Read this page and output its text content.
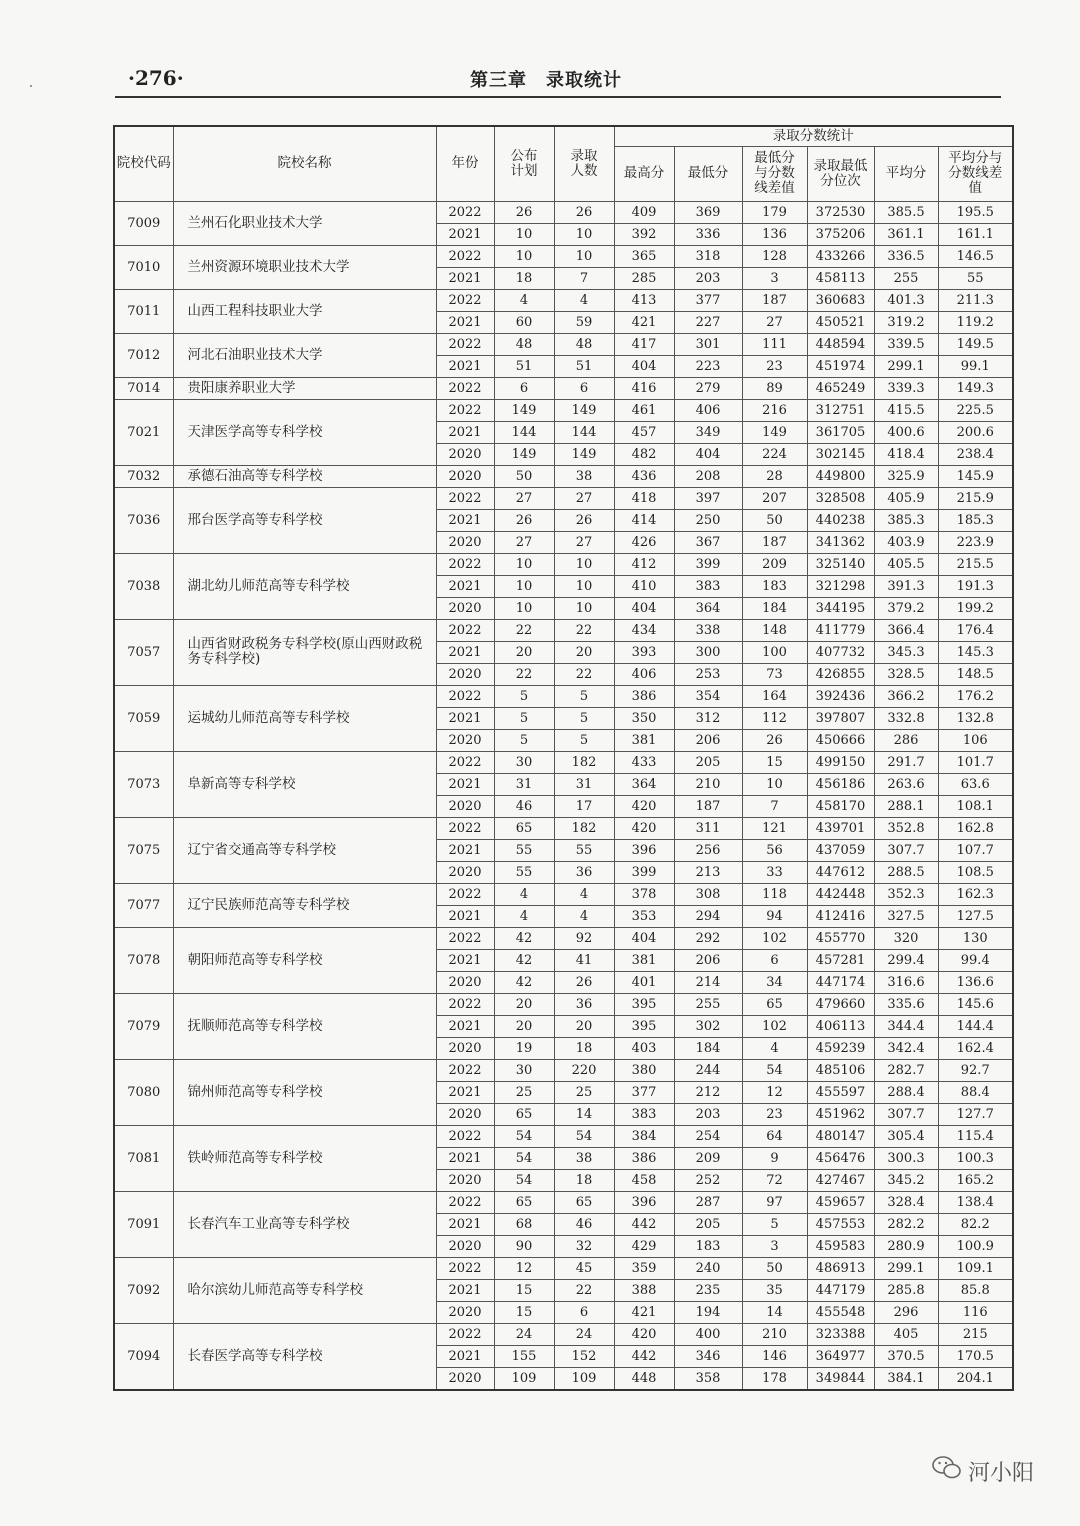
·276·	第三章　录取统计
院校代码	院校名称	年份	公布计划	录取人数	录取分数统计					
					最高分	最低分	最低分与分数线差值	录取最低分位次	平均分	平均分与分数线差值
7009	兰州石化职业技术大学	2022	26	26	409	369	179	372530	385.5	195.5
		2021	10	10	392	336	136	375206	361.1	161.1
7010	兰州资源环境职业技术大学	2022	10	10	365	318	128	433266	336.5	146.5
		2021	18	7	285	203	3	458113	255	55
7011	山西工程科技职业大学	2022	4	4	413	377	187	360683	401.3	211.3
		2021	60	59	421	227	27	450521	319.2	119.2
7012	河北石油职业技术大学	2022	48	48	417	301	111	448594	339.5	149.5
		2021	51	51	404	223	23	451974	299.1	99.1
7014	贵阳康养职业大学	2022	6	6	416	279	89	465249	339.3	149.3
7021	天津医学高等专科学校	2022	149	149	461	406	216	312751	415.5	225.5
		2021	144	144	457	349	149	361705	400.6	200.6
		2020	149	149	482	404	224	302145	418.4	238.4
7032	承德石油高等专科学校	2020	50	38	436	208	28	449800	325.9	145.9
7036	邢台医学高等专科学校	2022	27	27	418	397	207	328508	405.9	215.9
		2021	26	26	414	250	50	440238	385.3	185.3
		2020	27	27	426	367	187	341362	403.9	223.9
7038	湖北幼儿师范高等专科学校	2022	10	10	412	399	209	325140	405.5	215.5
		2021	10	10	410	383	183	321298	391.3	191.3
		2020	10	10	404	364	184	344195	379.2	199.2
7057	山西省财政税务专科学校(原山西财政税务专科学校)	2022	22	22	434	338	148	411779	366.4	176.4
		2021	20	20	393	300	100	407732	345.3	145.3
		2020	22	22	406	253	73	426855	328.5	148.5
7059	运城幼儿师范高等专科学校	2022	5	5	386	354	164	392436	366.2	176.2
		2021	5	5	350	312	112	397807	332.8	132.8
		2020	5	5	381	206	26	450666	286	106
7073	阜新高等专科学校	2022	30	182	433	205	15	499150	291.7	101.7
		2021	31	31	364	210	10	456186	263.6	63.6
		2020	46	17	420	187	7	458170	288.1	108.1
7075	辽宁省交通高等专科学校	2022	65	182	420	311	121	439701	352.8	162.8
		2021	55	55	396	256	56	437059	307.7	107.7
		2020	55	36	399	213	33	447612	288.5	108.5
7077	辽宁民族师范高等专科学校	2022	4	4	378	308	118	442448	352.3	162.3
		2021	4	4	353	294	94	412416	327.5	127.5
7078	朝阳师范高等专科学校	2022	42	92	404	292	102	455770	320	130
		2021	42	41	381	206	6	457281	299.4	99.4
		2020	42	26	401	214	34	447174	316.6	136.6
7079	抚顺师范高等专科学校	2022	20	36	395	255	65	479660	335.6	145.6
		2021	20	20	395	302	102	406113	344.4	144.4
		2020	19	18	403	184	4	459239	342.4	162.4
7080	锦州师范高等专科学校	2022	30	220	380	244	54	485106	282.7	92.7
		2021	25	25	377	212	12	455597	288.4	88.4
		2020	65	14	383	203	23	451962	307.7	127.7
7081	铁岭师范高等专科学校	2022	54	54	384	254	64	480147	305.4	115.4
		2021	54	38	386	209	9	456476	300.3	100.3
		2020	54	18	458	252	72	427467	345.2	165.2
7091	长春汽车工业高等专科学校	2022	65	65	396	287	97	459657	328.4	138.4
		2021	68	46	442	205	5	457553	282.2	82.2
		2020	90	32	429	183	3	459583	280.9	100.9
7092	哈尔滨幼儿师范高等专科学校	2022	12	45	359	240	50	486913	299.1	109.1
		2021	15	22	388	235	35	447179	285.8	85.8
		2020	15	6	421	194	14	455548	296	116
7094	长春医学高等专科学校	2022	24	24	420	400	210	323388	405	215
		2021	155	152	442	346	146	364977	370.5	170.5
		2020	109	109	448	358	178	349844	384.1	204.1
河小阳
